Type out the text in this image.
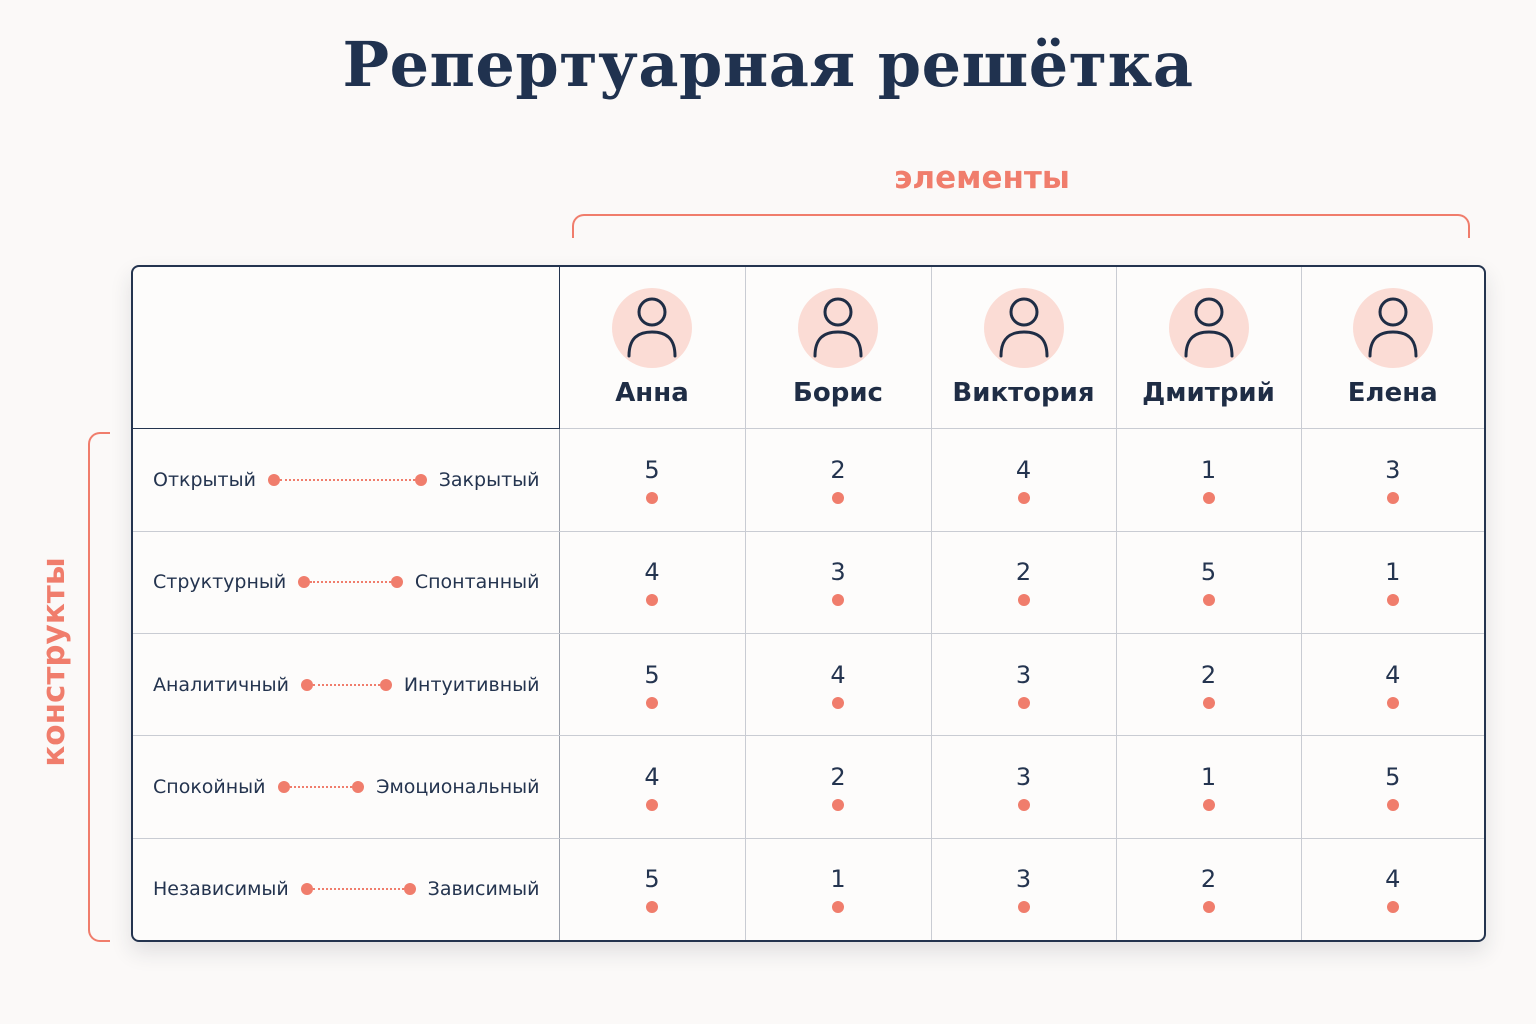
Репертуарная решётка
элементы
конструкты

	Анна	Борис	Виктория	Дмитрий	Елена

Открытый Закрытый	5	2	4	1	3

Структурный Спонтанный	4	3	2	5	1

Аналитичный Интуитивный	5	4	3	2	4

Спокойный Эмоциональный	4	2	3	1	5

Независимый Зависимый	5	1	3	2	4
